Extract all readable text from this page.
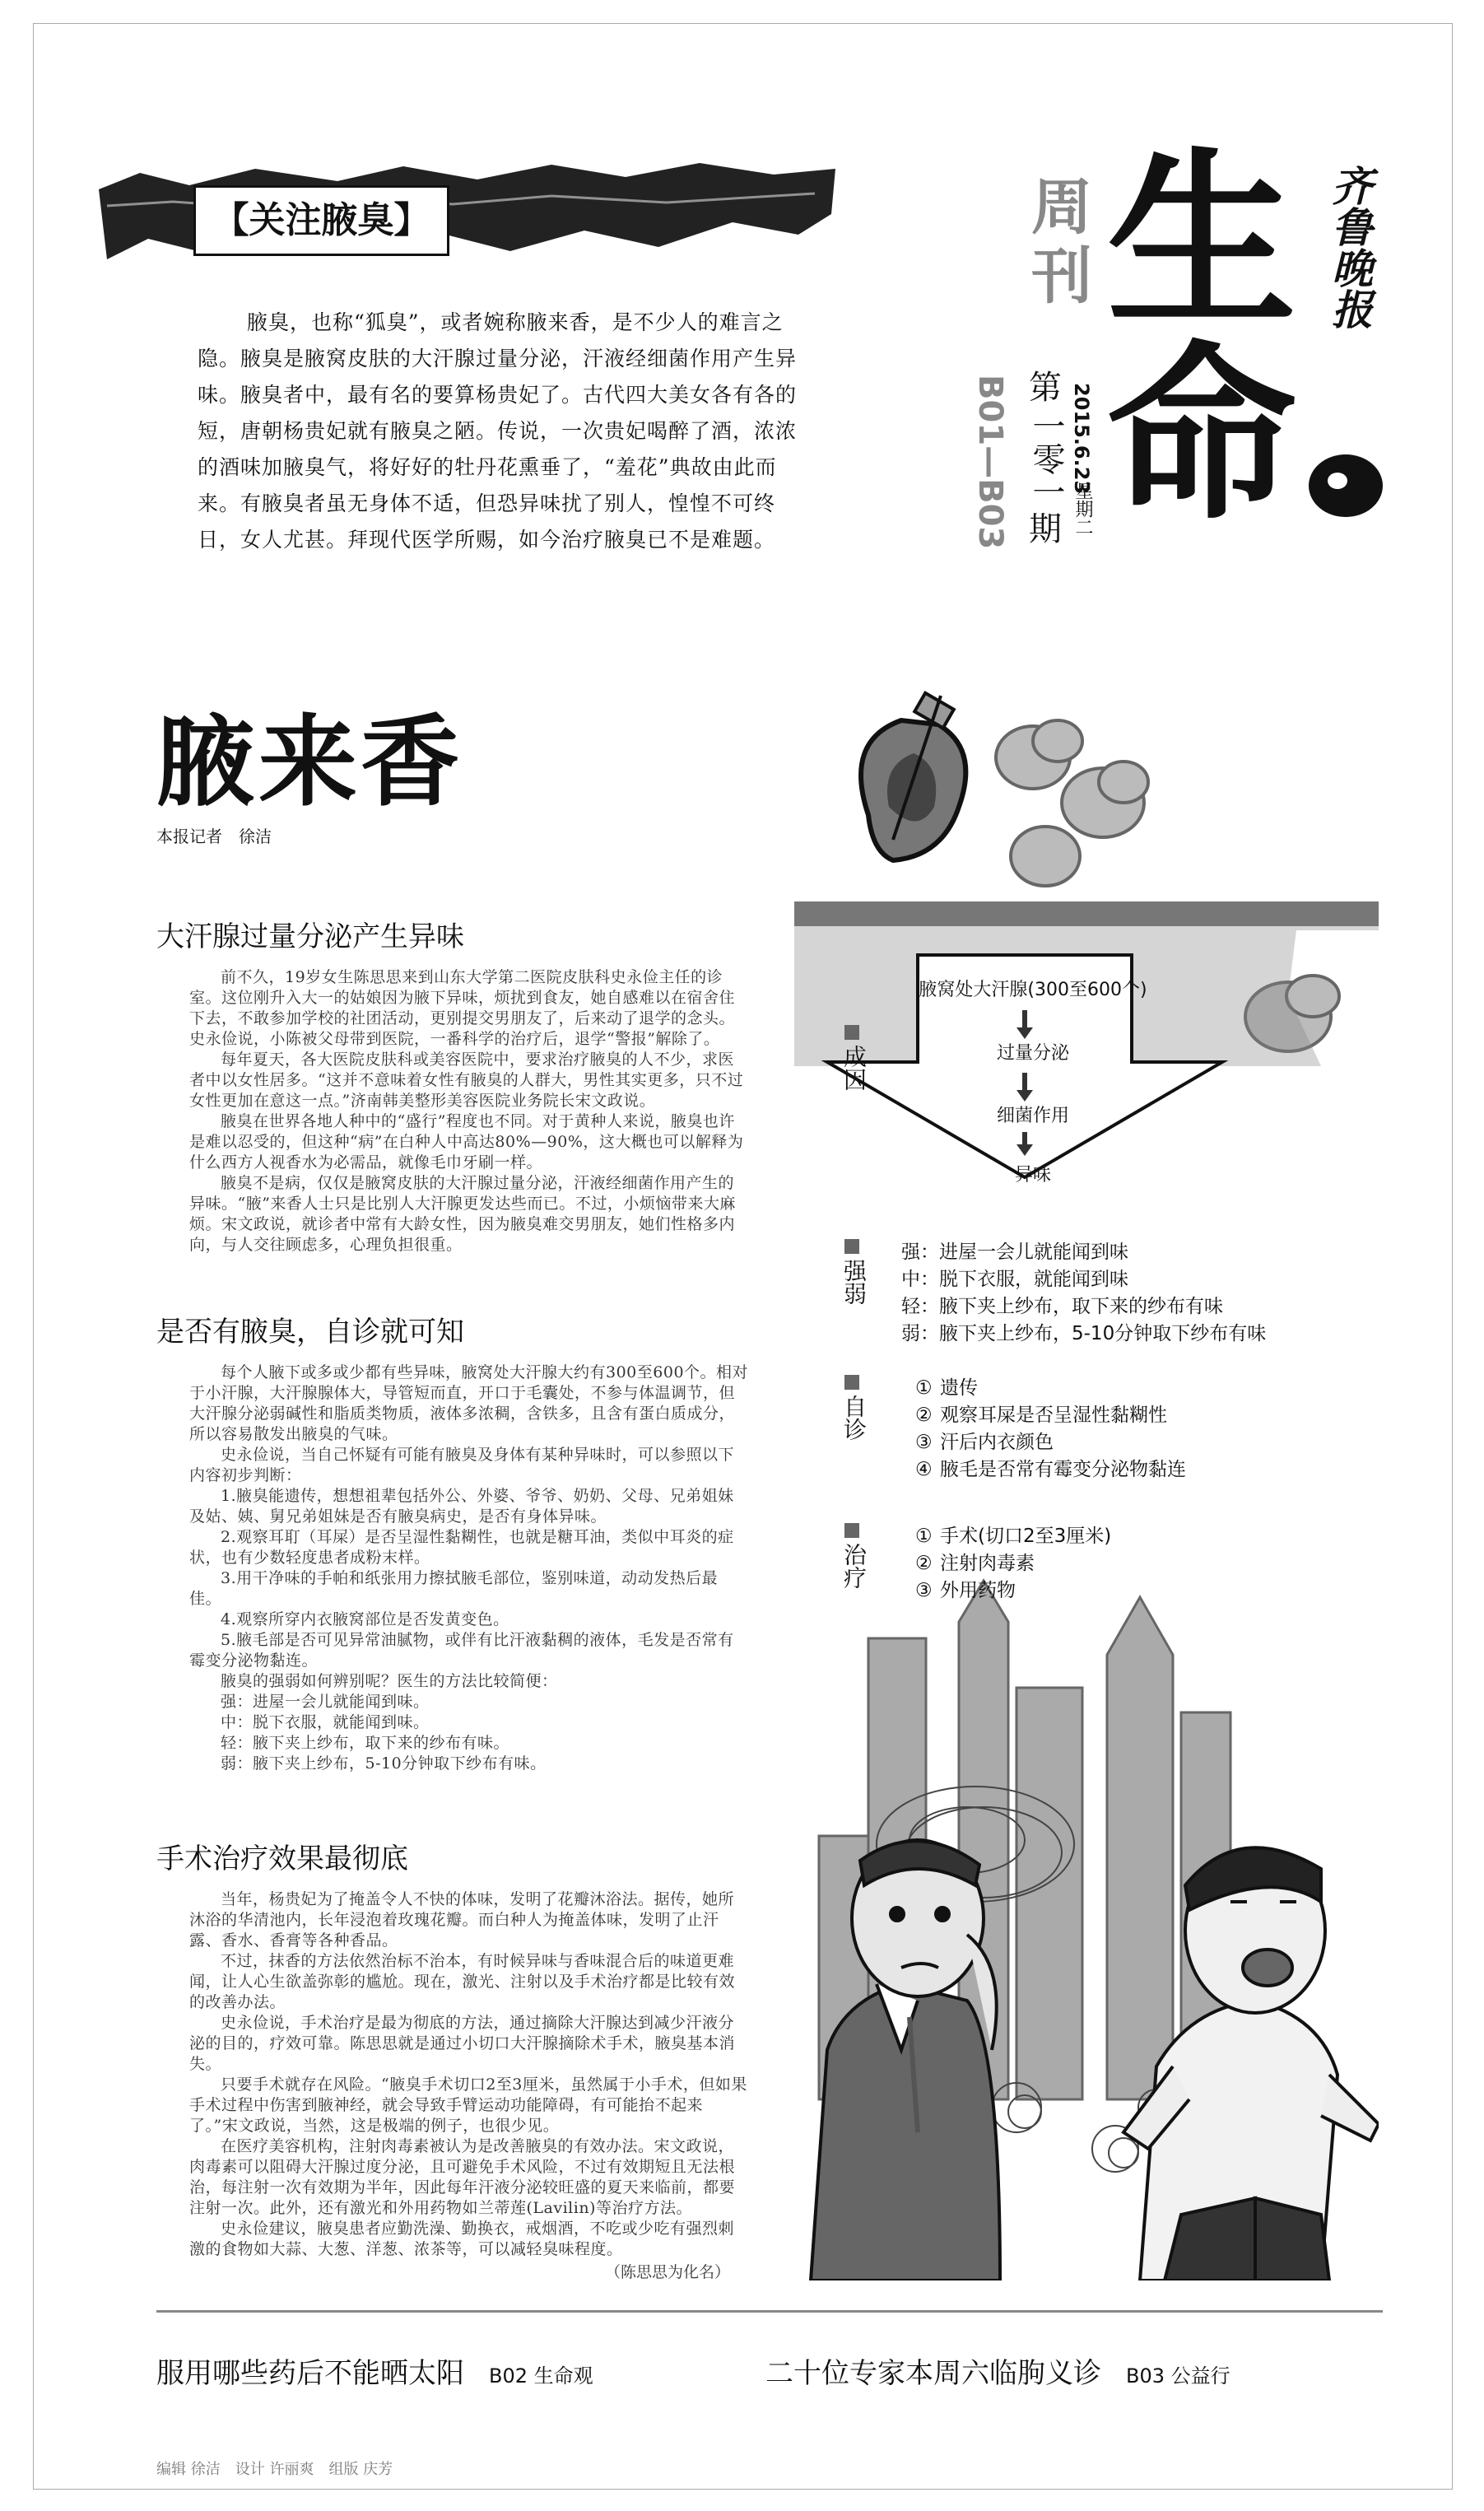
【关注腋臭】
腋臭，也称“狐臭”，或者婉称腋来香，是不少人的难言之隐。腋臭是腋窝皮肤的大汗腺过量分泌，汗液经细菌作用产生异味。腋臭者中，最有名的要算杨贵妃了。古代四大美女各有各的短，唐朝杨贵妃就有腋臭之陋。传说，一次贵妃喝醉了酒，浓浓的酒味加腋臭气，将好好的牡丹花熏垂了，“羞花”典故由此而来。有腋臭者虽无身体不适，但恐异味扰了别人，惶惶不可终日，女人尤甚。拜现代医学所赐，如今治疗腋臭已不是难题。
周
刊 生
命
齐鲁晚报
B01—B03 第
一零一
期
2015.6.23
星期二
腋来香
本报记者　徐洁
大汗腺过量分泌产生异味

前不久，19岁女生陈思思来到山东大学第二医院皮肤科史永俭主任的诊室。这位刚升入大一的姑娘因为腋下异味，烦扰到食友，她自感难以在宿舍住下去，不敢参加学校的社团活动，更别提交男朋友了，后来动了退学的念头。史永俭说，小陈被父母带到医院，一番科学的治疗后，退学“警报”解除了。

每年夏天，各大医院皮肤科或美容医院中，要求治疗腋臭的人不少，求医者中以女性居多。“这并不意味着女性有腋臭的人群大，男性其实更多，只不过女性更加在意这一点。”济南韩美整形美容医院业务院长宋文政说。

腋臭在世界各地人种中的“盛行”程度也不同。对于黄种人来说，腋臭也许是难以忍受的，但这种“病”在白种人中高达80%—90%，这大概也可以解释为什么西方人视香水为必需品，就像毛巾牙刷一样。

腋臭不是病，仅仅是腋窝皮肤的大汗腺过量分泌，汗液经细菌作用产生的异味。“腋”来香人士只是比别人大汗腺更发达些而已。不过，小烦恼带来大麻烦。宋文政说，就诊者中常有大龄女性，因为腋臭难交男朋友，她们性格多内向，与人交往顾虑多，心理负担很重。

是否有腋臭，自诊就可知

每个人腋下或多或少都有些异味，腋窝处大汗腺大约有300至600个。相对于小汗腺，大汗腺腺体大，导管短而直，开口于毛囊处，不参与体温调节，但大汗腺分泌弱碱性和脂质类物质，液体多浓稠，含铁多，且含有蛋白质成分，所以容易散发出腋臭的气味。

史永俭说，当自己怀疑有可能有腋臭及身体有某种异味时，可以参照以下内容初步判断：

1.腋臭能遗传，想想祖辈包括外公、外婆、爷爷、奶奶、父母、兄弟姐妹及姑、姨、舅兄弟姐妹是否有腋臭病史，是否有身体异味。

2.观察耳耵（耳屎）是否呈湿性黏糊性，也就是糖耳油，类似中耳炎的症状，也有少数轻度患者成粉末样。

3.用干净味的手帕和纸张用力擦拭腋毛部位，鉴别味道，动动发热后最佳。

4.观察所穿内衣腋窝部位是否发黄变色。

5.腋毛部是否可见异常油腻物，或伴有比汗液黏稠的液体，毛发是否常有霉变分泌物黏连。

腋臭的强弱如何辨别呢？医生的方法比较简便：

强：进屋一会儿就能闻到味。

中：脱下衣服，就能闻到味。

轻：腋下夹上纱布，取下来的纱布有味。

弱：腋下夹上纱布，5-10分钟取下纱布有味。

手术治疗效果最彻底

当年，杨贵妃为了掩盖令人不快的体味，发明了花瓣沐浴法。据传，她所沐浴的华清池内，长年浸泡着玫瑰花瓣。而白种人为掩盖体味，发明了止汗露、香水、香膏等各种香品。

不过，抹香的方法依然治标不治本，有时候异味与香味混合后的味道更难闻，让人心生欲盖弥彰的尴尬。现在，激光、注射以及手术治疗都是比较有效的改善办法。

史永俭说，手术治疗是最为彻底的方法，通过摘除大汗腺达到减少汗液分泌的目的，疗效可靠。陈思思就是通过小切口大汗腺摘除术手术，腋臭基本消失。

只要手术就存在风险。“腋臭手术切口2至3厘米，虽然属于小手术，但如果手术过程中伤害到腋神经，就会导致手臂运动功能障碍，有可能抬不起来了。”宋文政说，当然，这是极端的例子，也很少见。

在医疗美容机构，注射肉毒素被认为是改善腋臭的有效办法。宋文政说，肉毒素可以阻碍大汗腺过度分泌，且可避免手术风险，不过有效期短且无法根治，每注射一次有效期为半年，因此每年汗液分泌较旺盛的夏天来临前，都要注射一次。此外，还有激光和外用药物如兰蒂莲(Lavilin)等治疗方法。

史永俭建议，腋臭患者应勤洗澡、勤换衣，戒烟酒，不吃或少吃有强烈刺激的食物如大蒜、大葱、洋葱、浓茶等，可以减轻臭味程度。

（陈思思为化名）
腋窝处大汗腺(300至600个)
过量分泌
细菌作用
异味
成因
强弱
强：进屋一会儿就能闻到味
中：脱下衣服，就能闻到味
轻：腋下夹上纱布，取下来的纱布有味
弱：腋下夹上纱布，5-10分钟取下纱布有味
自诊
① 遗传
② 观察耳屎是否呈湿性黏糊性
③ 汗后内衣颜色
④ 腋毛是否常有霉变分泌物黏连
治疗
① 手术(切口2至3厘米)
② 注射肉毒素
③ 外用药物
服用哪些药后不能晒太阳 B02 生命观	二十位专家本周六临朐义诊 B03 公益行
编辑 徐洁　设计 许丽爽　组版 庆芳
